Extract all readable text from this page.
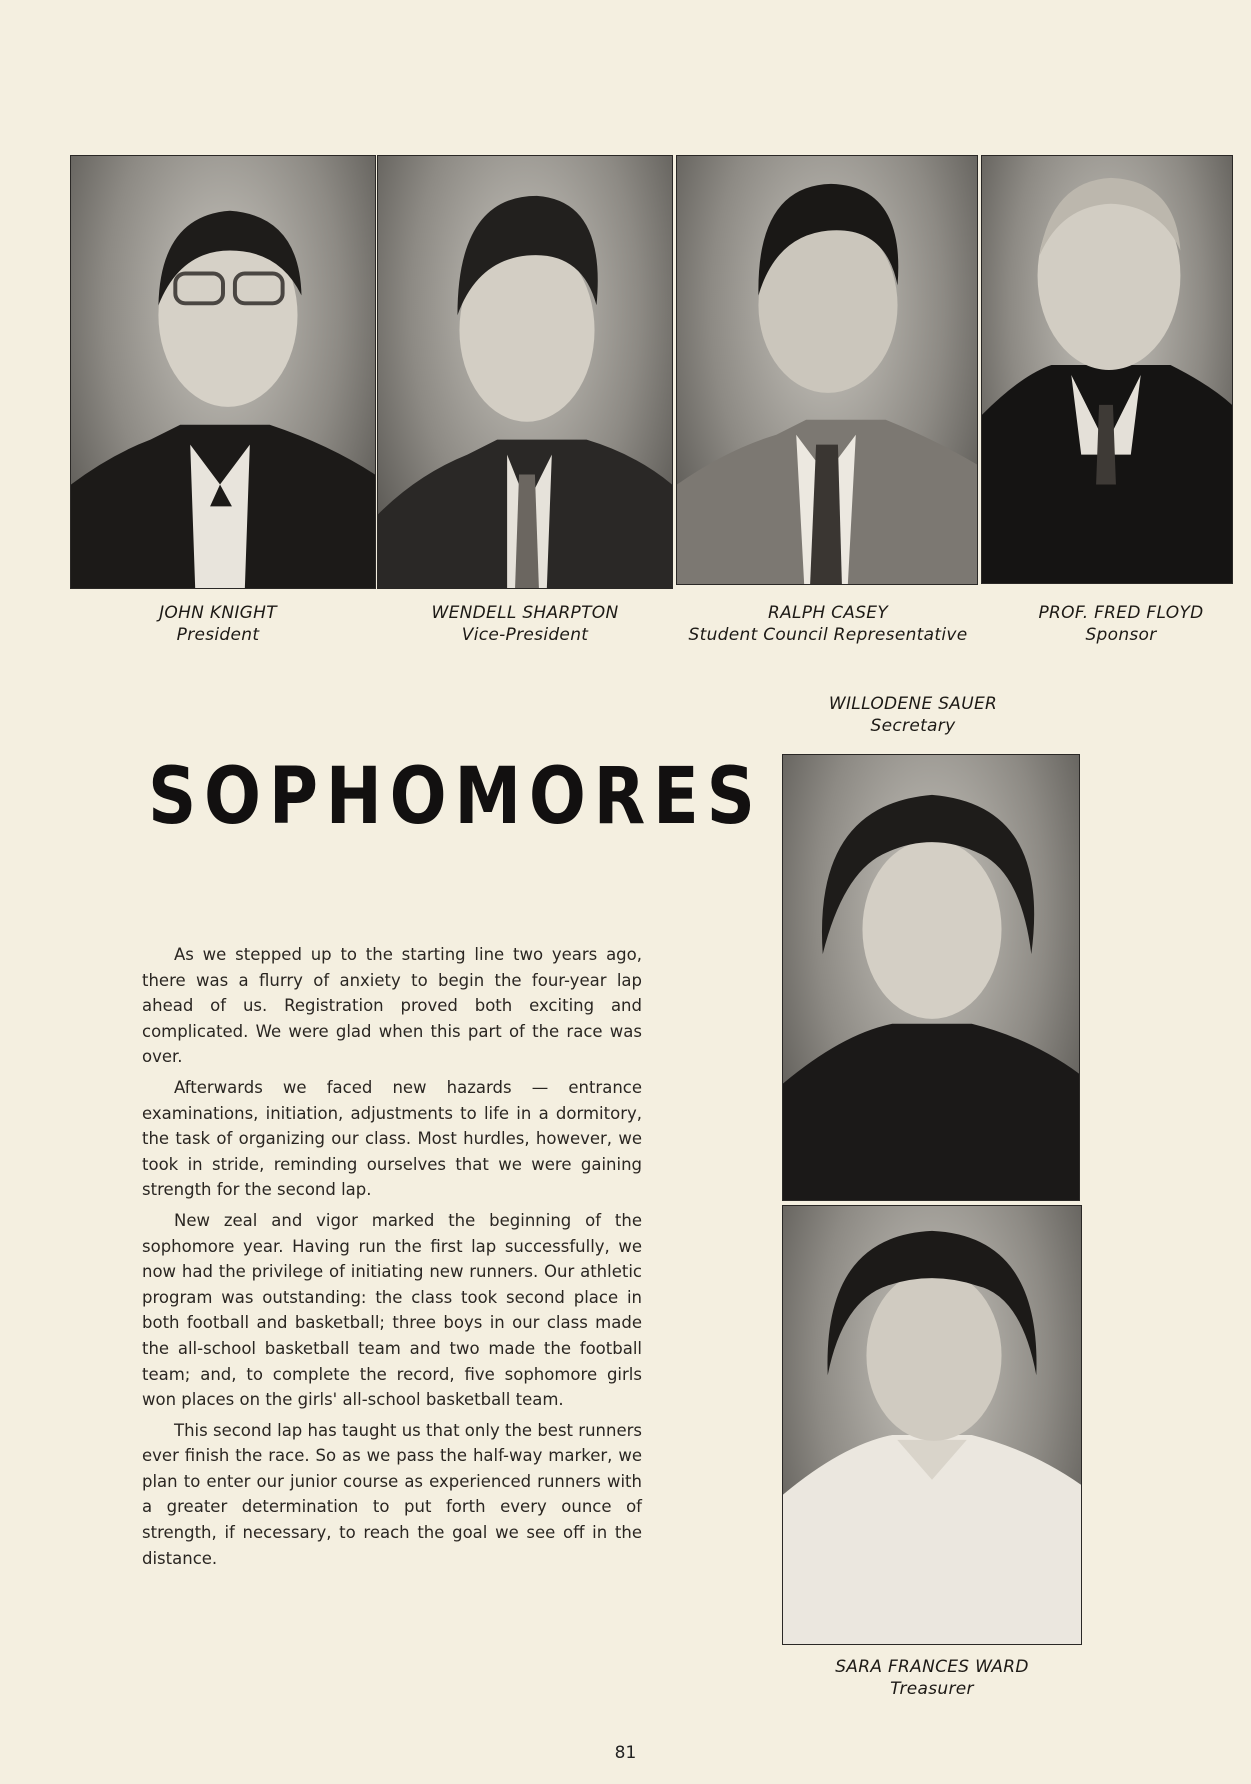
JOHN KNIGHT
President
WENDELL SHARPTON
Vice-President
RALPH CASEY
Student Council Representative
PROF. FRED FLOYD
Sponsor
WILLODENE SAUER
Secretary
SARA FRANCES WARD
Treasurer
SOPHOMORES

As we stepped up to the starting line two years ago, there was a flurry of anxiety to begin the four-year lap ahead of us. Registration proved both exciting and complicated. We were glad when this part of the race was over.

Afterwards we faced new hazards — entrance examinations, initiation, adjustments to life in a dormitory, the task of organizing our class. Most hurdles, however, we took in stride, reminding ourselves that we were gaining strength for the second lap.

New zeal and vigor marked the beginning of the sophomore year. Having run the first lap successfully, we now had the privilege of initiating new runners. Our athletic program was outstanding: the class took second place in both football and basketball; three boys in our class made the all-school basketball team and two made the football team; and, to complete the record, five sophomore girls won places on the girls' all-school basketball team.

This second lap has taught us that only the best runners ever finish the race. So as we pass the half-way marker, we plan to enter our junior course as experienced runners with a greater determination to put forth every ounce of strength, if necessary, to reach the goal we see off in the distance.

81
